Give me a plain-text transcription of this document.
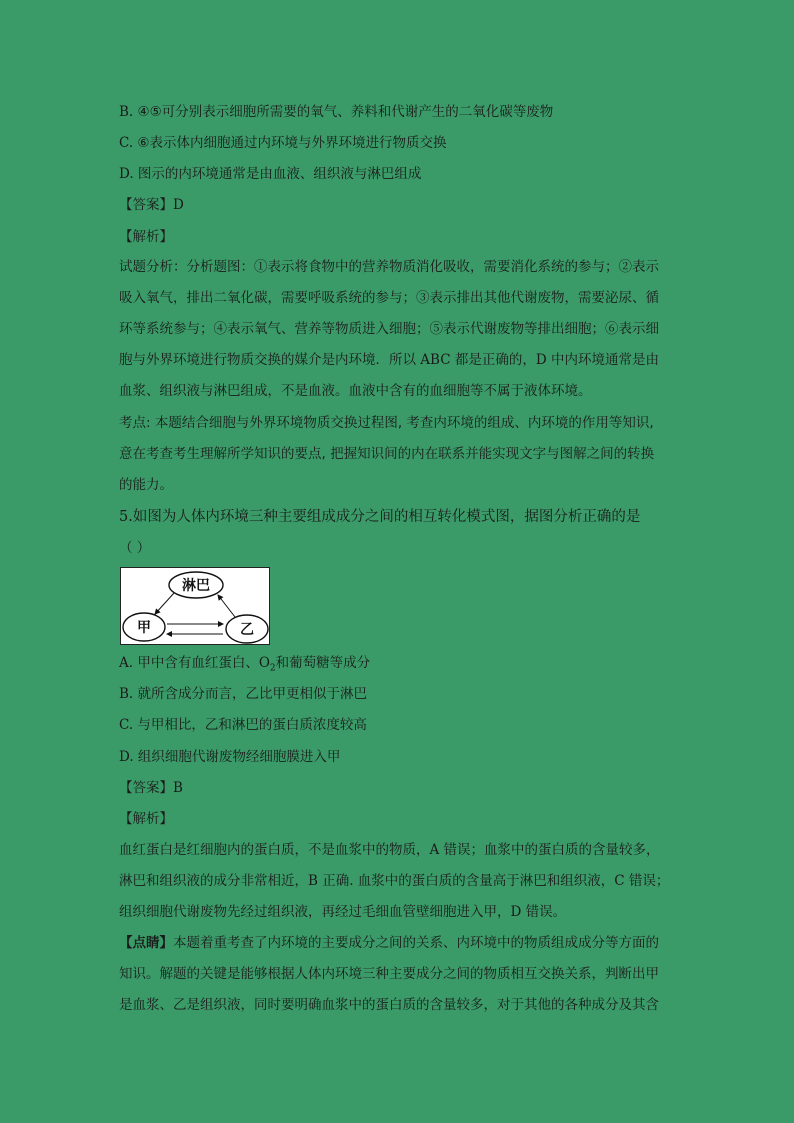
B. ④⑤可分别表示细胞所需要的氧气、养料和代谢产生的二氧化碳等废物
C. ⑥表示体内细胞通过内环境与外界环境进行物质交换
D. 图示的内环境通常是由血液、组织液与淋巴组成
【答案】D
【解析】
试题分析：分析题图：①表示将食物中的营养物质消化吸收，需要消化系统的参与；②表示
吸入氧气，排出二氧化碳，需要呼吸系统的参与；③表示排出其他代谢废物，需要泌尿、循
环等系统参与；④表示氧气、营养等物质进入细胞；⑤表示代谢废物等排出细胞；⑥表示细
胞与外界环境进行物质交换的媒介是内环境．所以 ABC 都是正确的，D 中内环境通常是由
血浆、组织液与淋巴组成，不是血液。血液中含有的血细胞等不属于液体环境。
考点: 本题结合细胞与外界环境物质交换过程图, 考查内环境的组成、内环境的作用等知识,
意在考查考生理解所学知识的要点, 把握知识间的内在联系并能实现文字与图解之间的转换
的能力。
5.如图为人体内环境三种主要组成成分之间的相互转化模式图，据图分析正确的是
（ ）
淋巴
甲	乙
A. 甲中含有血红蛋白、$O_2$和葡萄糖等成分
B. 就所含成分而言，乙比甲更相似于淋巴
C. 与甲相比，乙和淋巴的蛋白质浓度较高
D. 组织细胞代谢废物经细胞膜进入甲
【答案】B
【解析】
血红蛋白是红细胞内的蛋白质，不是血浆中的物质，A 错误；血浆中的蛋白质的含量较多，
淋巴和组织液的成分非常相近，B 正确. 血浆中的蛋白质的含量高于淋巴和组织液，C 错误；
组织细胞代谢废物先经过组织液，再经过毛细血管壁细胞进入甲，D 错误。
【点睛】本题着重考查了内环境的主要成分之间的关系、内环境中的物质组成成分等方面的
知识。解题的关键是能够根据人体内环境三种主要成分之间的物质相互交换关系，判断出甲
是血浆、乙是组织液，同时要明确血浆中的蛋白质的含量较多，对于其他的各种成分及其含
